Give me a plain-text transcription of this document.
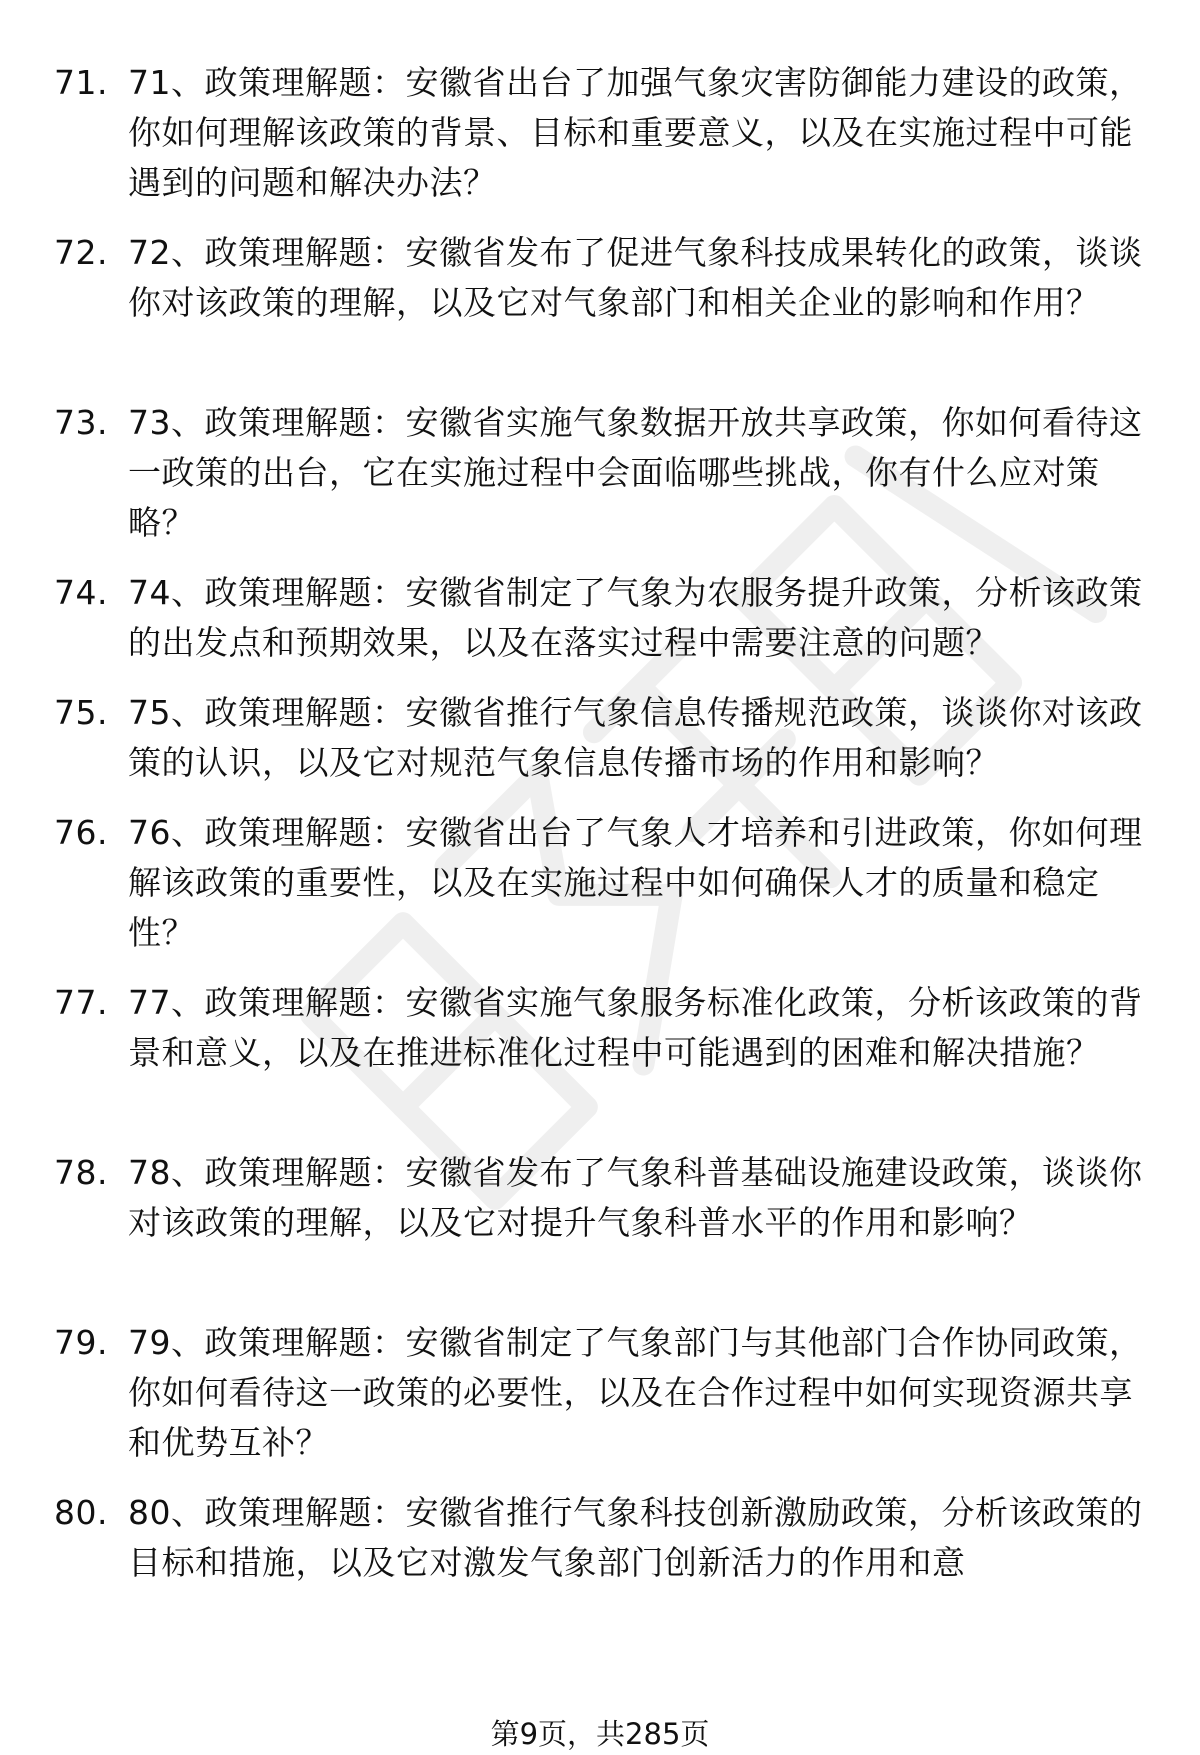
71. 71、政策理解题：安徽省出台了加强气象灾害防御能力建设的政策，你如何理解该政策的背景、目标和重要意义，以及在实施过程中可能遇到的问题和解决办法？
72. 72、政策理解题：安徽省发布了促进气象科技成果转化的政策，谈谈你对该政策的理解，以及它对气象部门和相关企业的影响和作用？
73. 73、政策理解题：安徽省实施气象数据开放共享政策，你如何看待这一政策的出台，它在实施过程中会面临哪些挑战，你有什么应对策略？
74. 74、政策理解题：安徽省制定了气象为农服务提升政策，分析该政策的出发点和预期效果，以及在落实过程中需要注意的问题？
75. 75、政策理解题：安徽省推行气象信息传播规范政策，谈谈你对该政策的认识，以及它对规范气象信息传播市场的作用和影响？
76. 76、政策理解题：安徽省出台了气象人才培养和引进政策，你如何理解该政策的重要性，以及在实施过程中如何确保人才的质量和稳定性？
77. 77、政策理解题：安徽省实施气象服务标准化政策，分析该政策的背景和意义，以及在推进标准化过程中可能遇到的困难和解决措施？
78. 78、政策理解题：安徽省发布了气象科普基础设施建设政策，谈谈你对该政策的理解，以及它对提升气象科普水平的作用和影响？
79. 79、政策理解题：安徽省制定了气象部门与其他部门合作协同政策，你如何看待这一政策的必要性，以及在合作过程中如何实现资源共享和优势互补？
80. 80、政策理解题：安徽省推行气象科技创新激励政策，分析该政策的目标和措施，以及它对激发气象部门创新活力的作用和意
第9页，共285页
